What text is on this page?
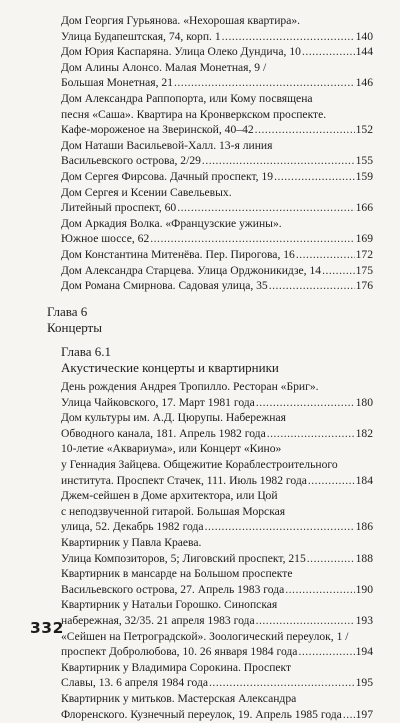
Дом Георгия Гурьянова. «Нехорошая квартира».
Улица Будапештская, 74, корп. 1 .....	140
Дом Юрия Каспаряна. Улица Олеко Дундича, 10 .....	144
Дом Алины Алонсо. Малая Монетная, 9 /
Большая Монетная, 21 .....	146
Дом Александра Раппопорта, или Кому посвящена
песня «Саша». Квартира на Кронверкском проспекте.
Кафе-мороженое на Зверинской, 40–42 .....	152
Дом Наташи Васильевой-Халл. 13-я линия
Васильевского острова, 2/29 .....	155
Дом Сергея Фирсова. Дачный проспект, 19 .....	159
Дом Сергея и Ксении Савельевых.
Литейный проспект, 60 .....	166
Дом Аркадия Волка. «Французские ужины».
Южное шоссе, 62 .....	169
Дом Константина Митенёва. Пер. Пирогова, 16 .....	172
Дом Александра Старцева. Улица Орджоникидзе, 14 .....	175
Дом Романа Смирнова. Садовая улица, 35 .....	176
Глава 6
Концерты
Глава 6.1
Акустические концерты и квартирники
День рождения Андрея Тропилло. Ресторан «Бриг».
Улица Чайковского, 17. Март 1981 года .....	180
Дом культуры им. А.Д. Цюрупы. Набережная
Обводного канала, 181. Апрель 1982 года .....	182
10-летие «Аквариума», или Концерт «Кино»
у Геннадия Зайцева. Общежитие Кораблестроительного
института. Проспект Стачек, 111. Июль 1982 года .....	184
Джем-сейшен в Доме архитектора, или Цой
с неподзвученной гитарой. Большая Морская
улица, 52. Декабрь 1982 года .....	186
Квартирник у Павла Краева.
Улица Композиторов, 5; Лиговский проспект, 215 .....	188
Квартирник в мансарде на Большом проспекте
Васильевского острова, 27. Апрель 1983 года .....	190
Квартирник у Натальи Горошко. Синопская
набережная, 32/35. 21 апреля 1983 года .....	193
«Сейшен на Петроградской». Зоологический переулок, 1 /
проспект Добролюбова, 10. 26 января 1984 года .....	194
Квартирник у Владимира Сорокина. Проспект
Славы, 13. 6 апреля 1984 года .....	195
Квартирник у митьков. Мастерская Александра
Флоренского. Кузнечный переулок, 19. Апрель 1985 года ..... 197
332
